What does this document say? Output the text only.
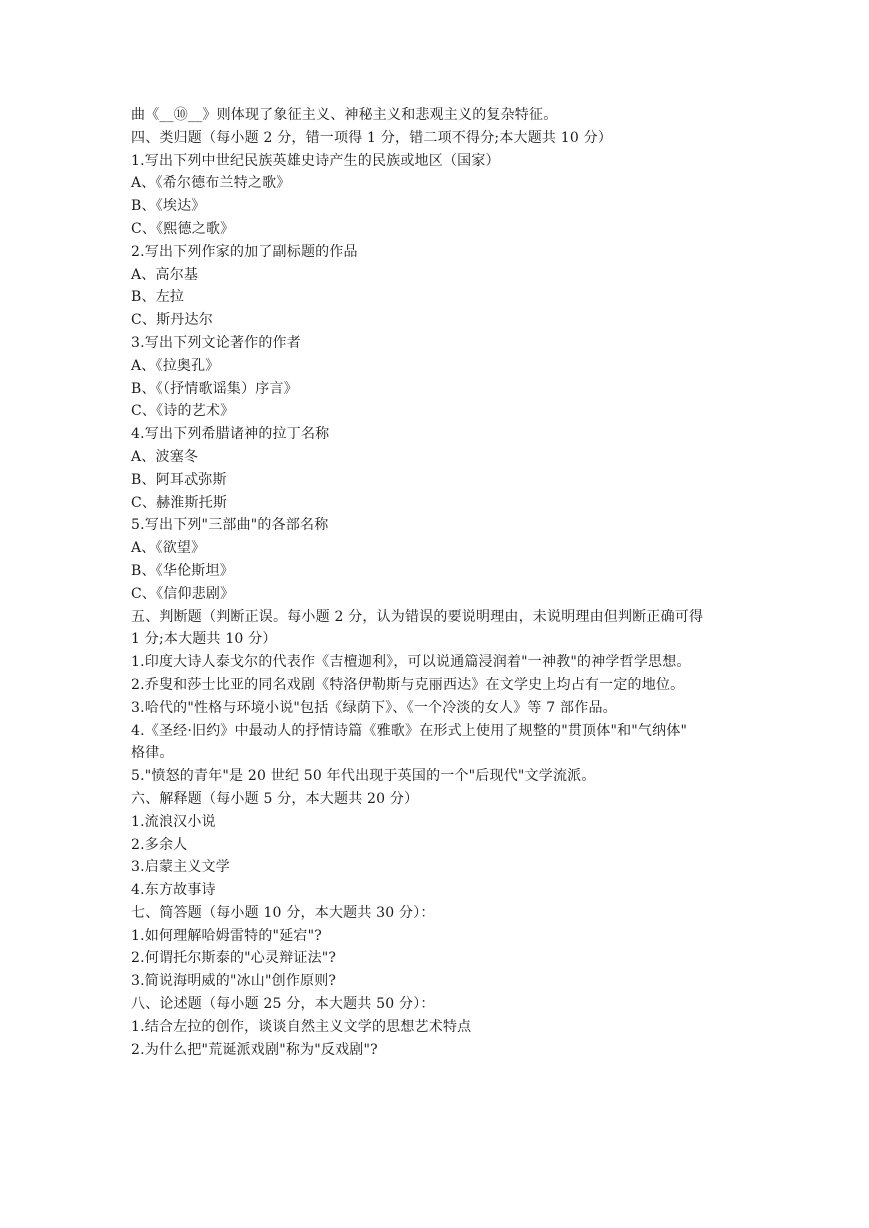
曲《__⑩__》则体现了象征主义、神秘主义和悲观主义的复杂特征。
四、类归题（每小题 2 分，错一项得 1 分，错二项不得分;本大题共 10 分）
1.写出下列中世纪民族英雄史诗产生的民族或地区（国家）
A、《希尔德布兰特之歌》
B、《埃达》
C、《熙德之歌》
2.写出下列作家的加了副标题的作品
A、高尔基
B、左拉
C、斯丹达尔
3.写出下列文论著作的作者
A、《拉奥孔》
B、《（抒情歌谣集）序言》
C、《诗的艺术》
4.写出下列希腊诸神的拉丁名称
A、波塞冬
B、阿耳忒弥斯
C、赫淮斯托斯
5.写出下列"三部曲"的各部名称
A、《欲望》
B、《华伦斯坦》
C、《信仰悲剧》
五、判断题（判断正误。每小题 2 分，认为错误的要说明理由，未说明理由但判断正确可得
1 分;本大题共 10 分）
1.印度大诗人泰戈尔的代表作《吉檀迦利》，可以说通篇浸润着"一神教"的神学哲学思想。
2.乔叟和莎士比亚的同名戏剧《特洛伊勒斯与克丽西达》在文学史上均占有一定的地位。
3.哈代的"性格与环境小说"包括《绿荫下》、《一个冷淡的女人》等 7 部作品。
4.《圣经·旧约》中最动人的抒情诗篇《雅歌》在形式上使用了规整的"贯顶体"和"气纳体"
格律。
5."愤怒的青年"是 20 世纪 50 年代出现于英国的一个"后现代"文学流派。
六、解释题（每小题 5 分，本大题共 20 分）
1.流浪汉小说
2.多余人
3.启蒙主义文学
4.东方故事诗
七、简答题（每小题 10 分，本大题共 30 分）：
1.如何理解哈姆雷特的"延宕"?
2.何谓托尔斯泰的"心灵辩证法"?
3.简说海明威的"冰山"创作原则?
八、论述题（每小题 25 分，本大题共 50 分）：
1.结合左拉的创作，谈谈自然主义文学的思想艺术特点
2.为什么把"荒诞派戏剧"称为"反戏剧"?
